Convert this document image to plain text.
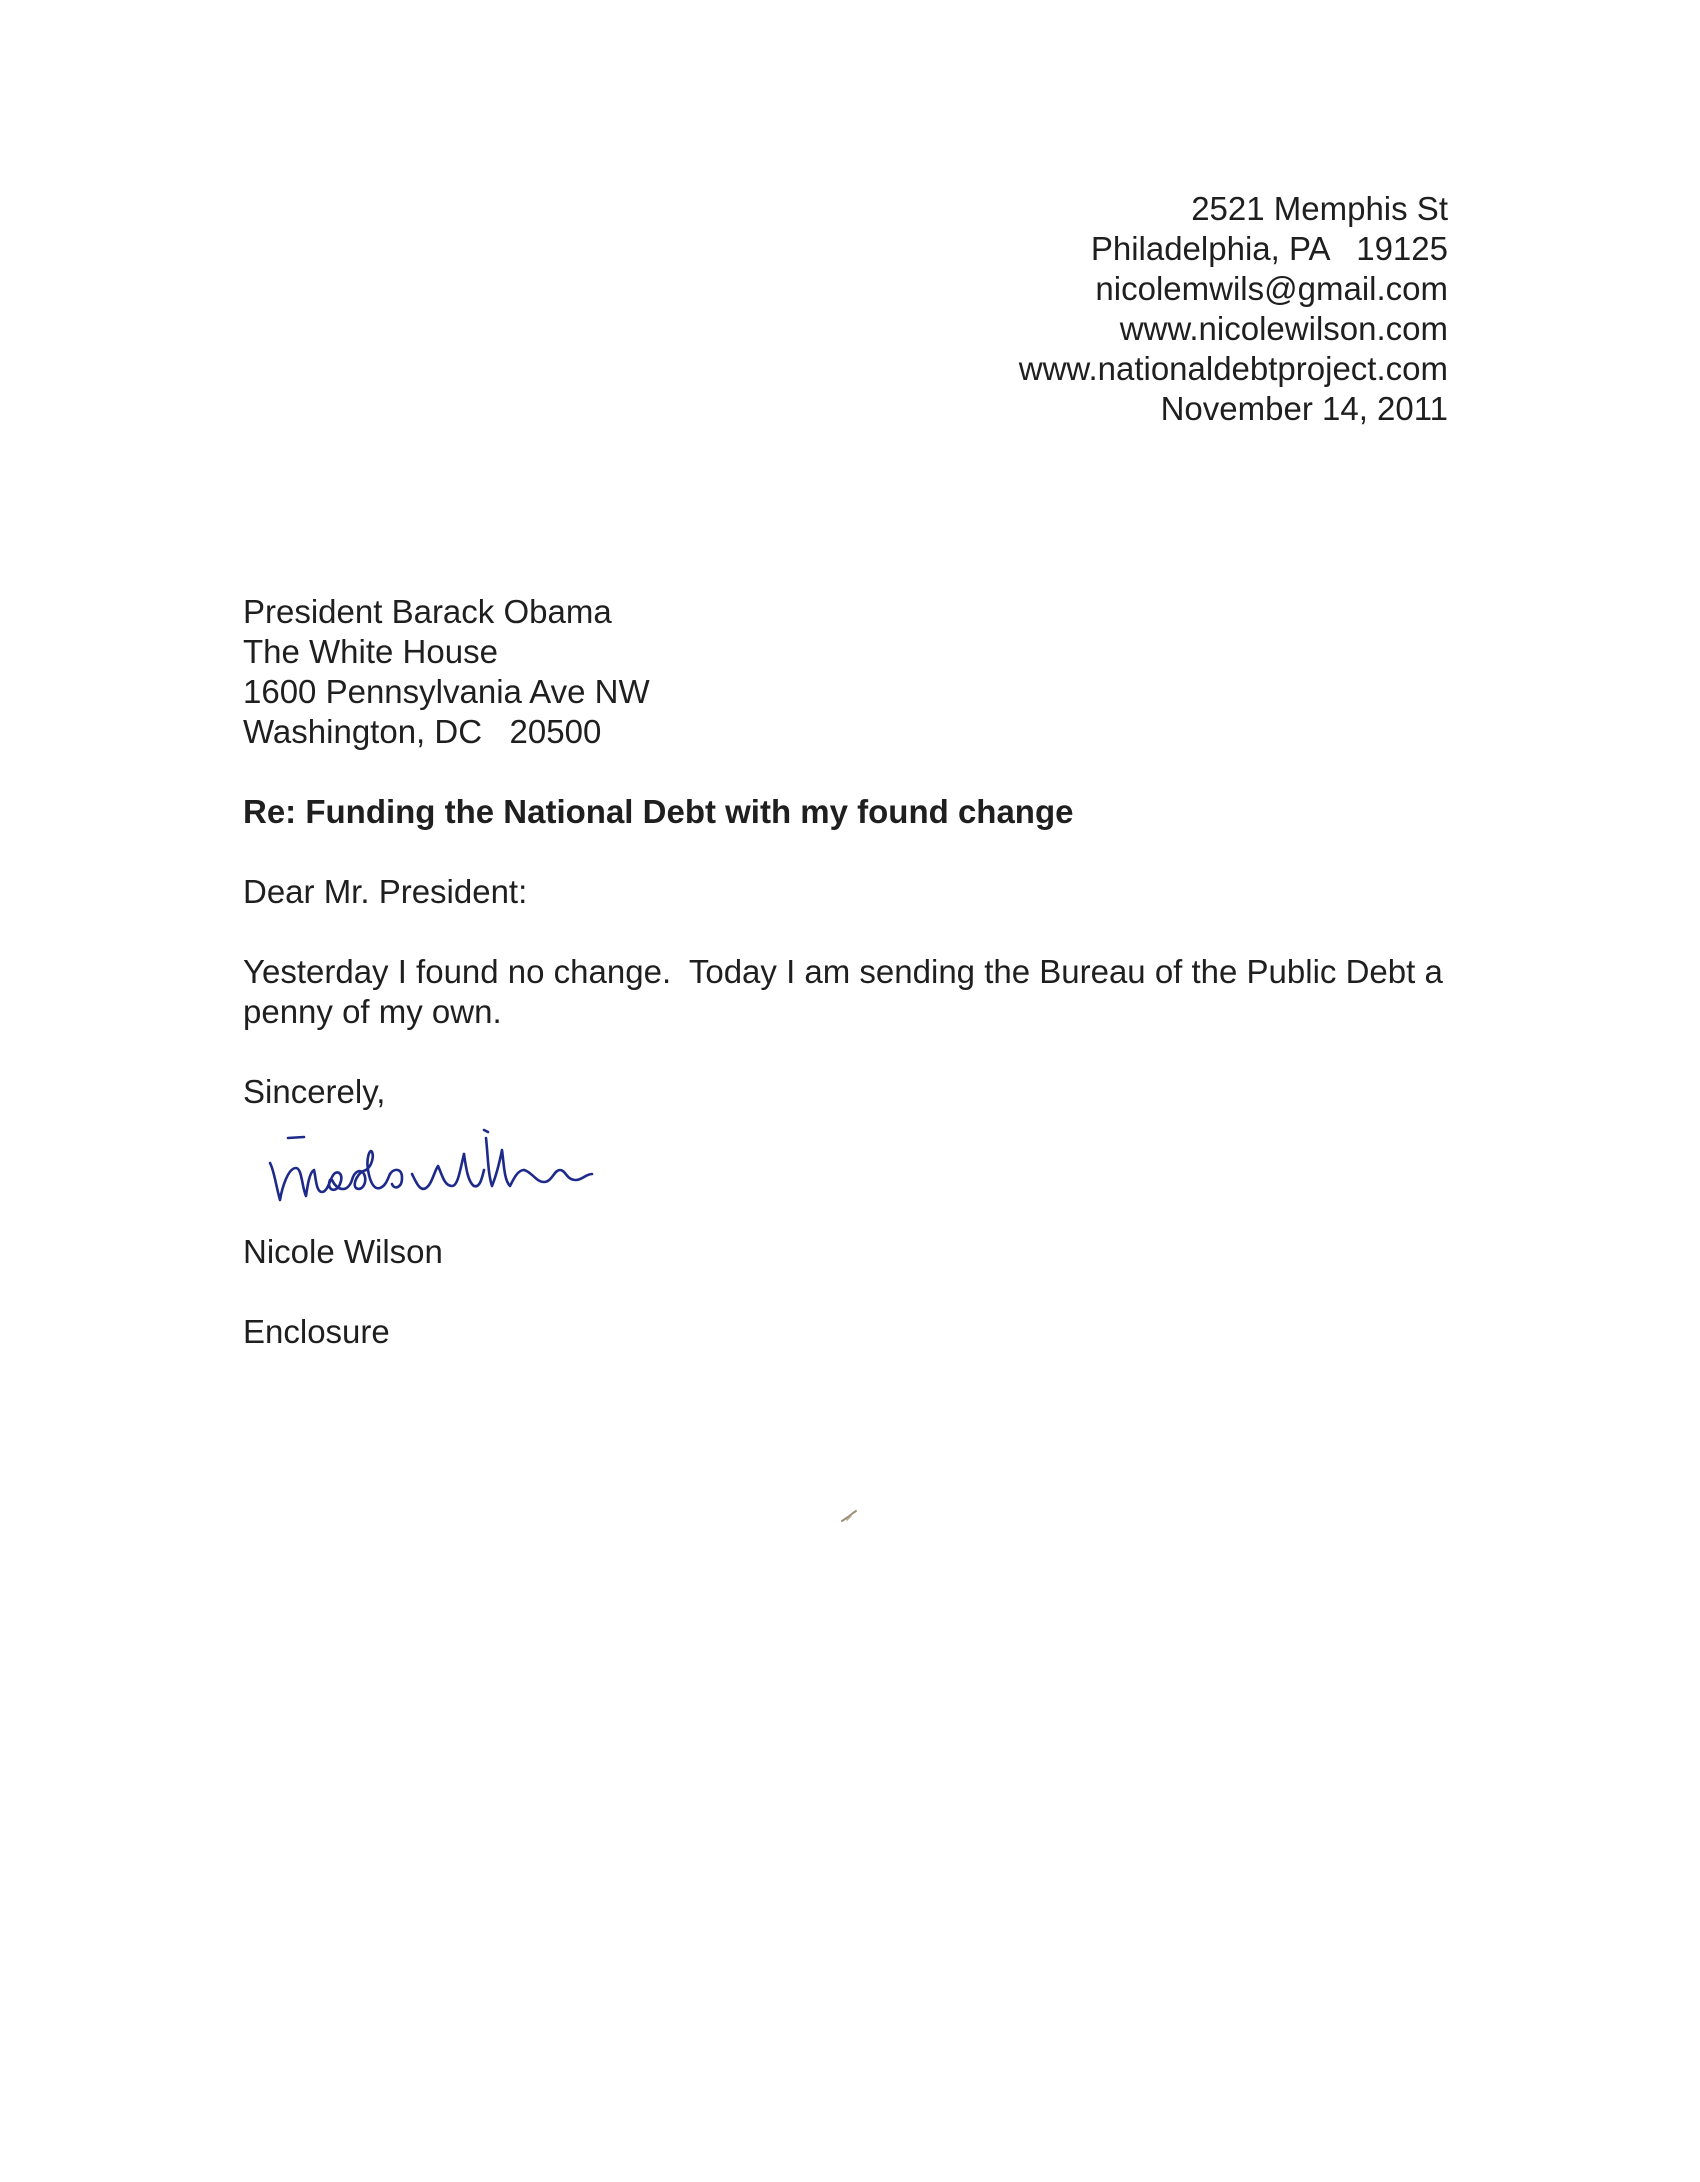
2521 Memphis St
Philadelphia, PA   19125
nicolemwils@gmail.com
www.nicolewilson.com
www.nationaldebtproject.com
November 14, 2011
President Barack Obama
The White House
1600 Pennsylvania Ave NW
Washington, DC   20500
Re: Funding the National Debt with my found change
Dear Mr. President:
Yesterday I found no change.  Today I am sending the Bureau of the Public Debt a penny of my own.
Sincerely,
Nicole Wilson
Enclosure
